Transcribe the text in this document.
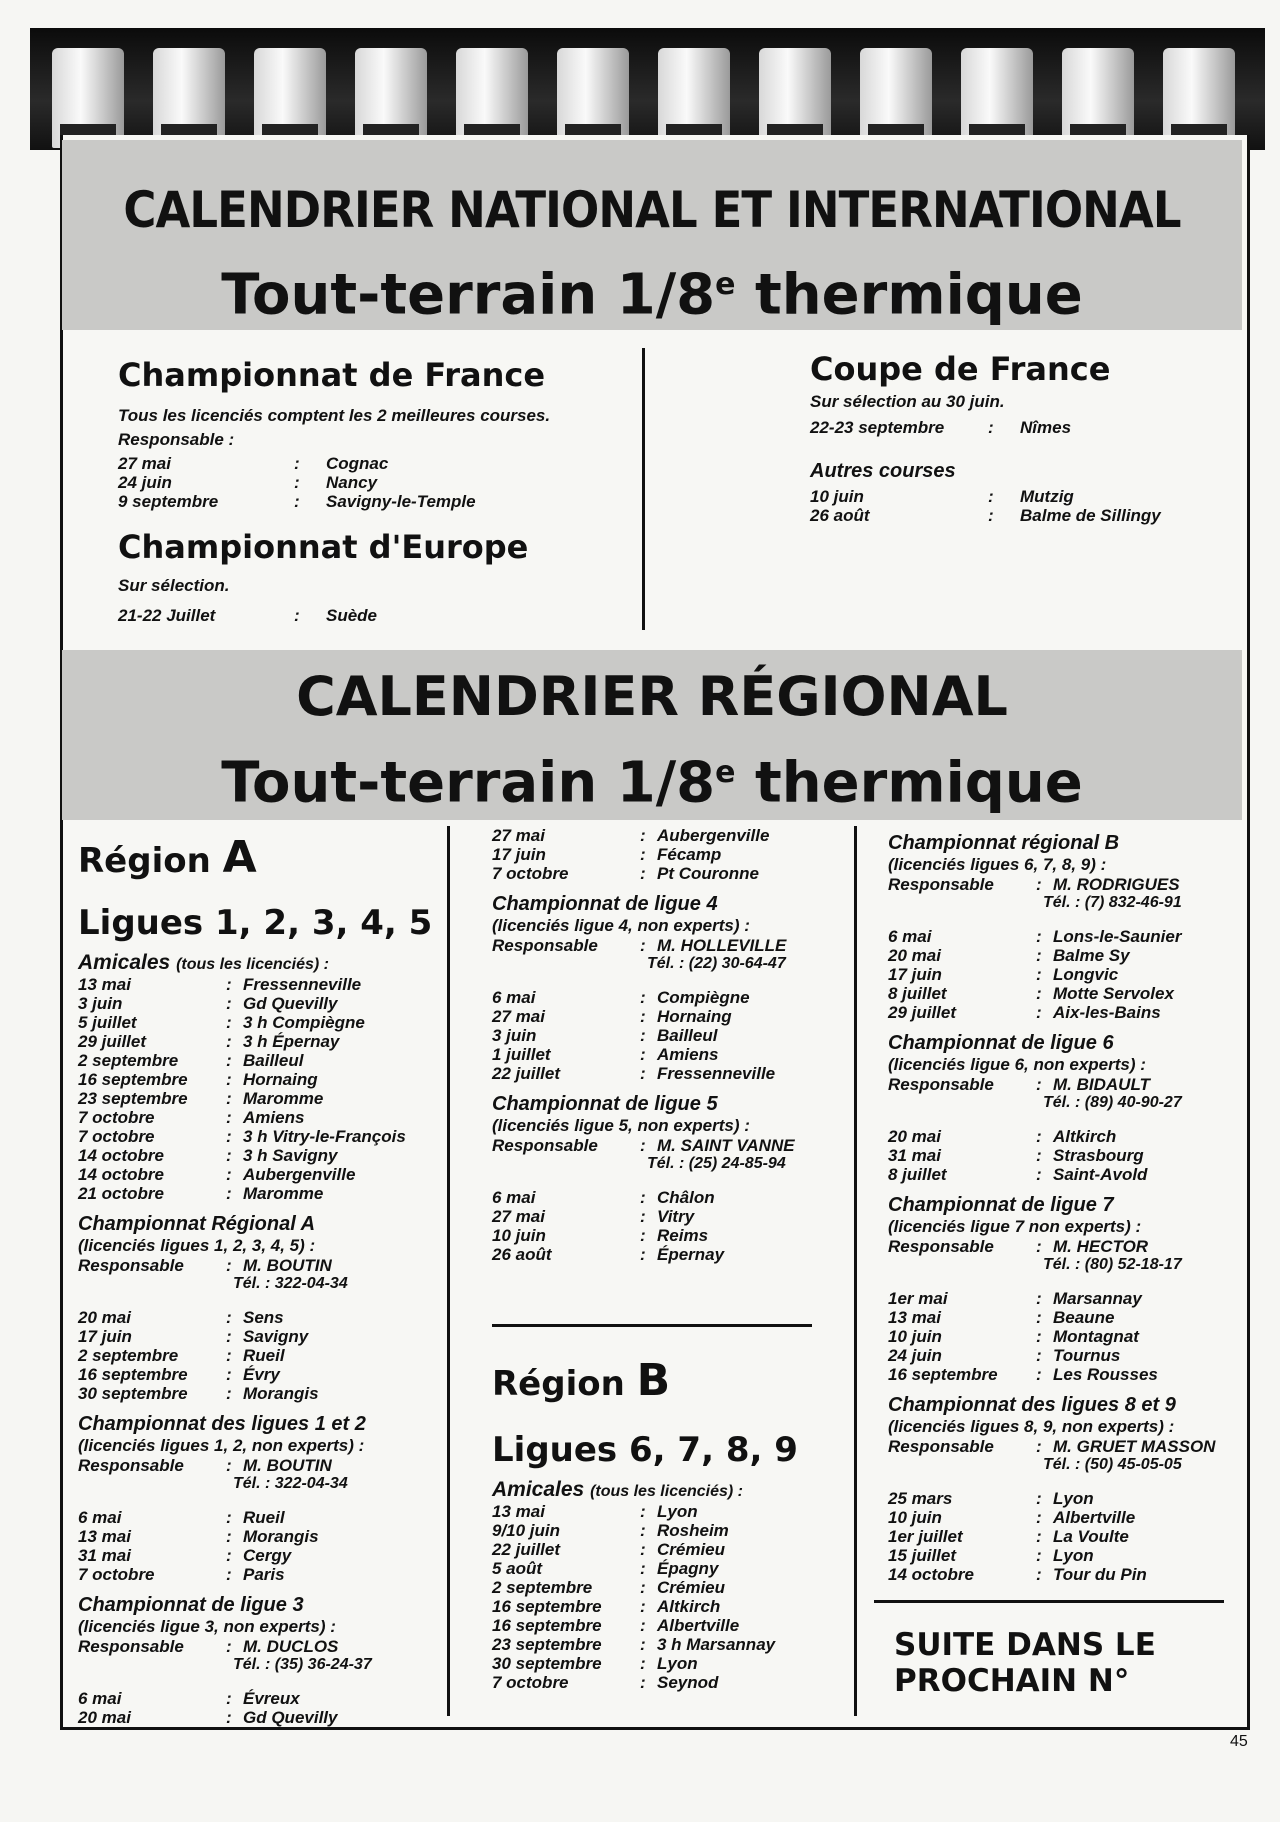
CALENDRIER NATIONAL ET INTERNATIONAL
Tout-terrain 1/8e thermique
Championnat de France
Tous les licenciés comptent les 2 meilleures courses.
Responsable :
27 mai	: Cognac
24 juin	: Nancy
9 septembre	: Savigny-le-Temple
Championnat d'Europe
Sur sélection.
21-22 Juillet	: Suède
Coupe de France
Sur sélection au 30 juin.
22-23 septembre	: Nîmes
Autres courses
10 juin	: Mutzig
26 août	: Balme de Sillingy
CALENDRIER RÉGIONAL
Tout-terrain 1/8e thermique
Région A
Ligues 1, 2, 3, 4, 5
Amicales (tous les licenciés) :
13 mai	: Fressenneville
3 juin	: Gd Quevilly
5 juillet	: 3 h Compiègne
29 juillet	: 3 h Épernay
2 septembre	: Bailleul
16 septembre : Hornaing
23 septembre : Maromme
7 octobre	: Amiens
7 octobre	: 3 h Vitry-le-François
14 octobre	: 3 h Savigny
14 octobre	: Aubergenville
21 octobre	: Maromme
Championnat Régional A
(licenciés ligues 1, 2, 3, 4, 5) :
Responsable : M. BOUTIN
Tél. : 322-04-34
20 mai	: Sens
17 juin	: Savigny
2 septembre	: Rueil
16 septembre : Évry
30 septembre : Morangis
Championnat des ligues 1 et 2
(licenciés ligues 1, 2, non experts) :
Responsable : M. BOUTIN
Tél. : 322-04-34
6 mai	: Rueil
13 mai	: Morangis
31 mai	: Cergy
7 octobre	: Paris
Championnat de ligue 3
(licenciés ligue 3, non experts) :
Responsable : M. DUCLOS
Tél. : (35) 36-24-37
6 mai	: Évreux
20 mai	: Gd Quevilly
27 mai	: Aubergenville
17 juin	: Fécamp
7 octobre	: Pt Couronne
Championnat de ligue 4
(licenciés ligue 4, non experts) :
Responsable : M. HOLLEVILLE
Tél. : (22) 30-64-47
6 mai	: Compiègne
27 mai	: Hornaing
3 juin	: Bailleul
1 juillet	: Amiens
22 juillet	: Fressenneville
Championnat de ligue 5
(licenciés ligue 5, non experts) :
Responsable : M. SAINT VANNE
Tél. : (25) 24-85-94
6 mai	: Châlon
27 mai	: Vitry
10 juin	: Reims
26 août	: Épernay
Région B
Ligues 6, 7, 8, 9
Amicales (tous les licenciés) :
13 mai	: Lyon
9/10 juin	: Rosheim
22 juillet	: Crémieu
5 août	: Épagny
2 septembre	: Crémieu
16 septembre : Altkirch
16 septembre : Albertville
23 septembre : 3 h Marsannay
30 septembre : Lyon
7 octobre	: Seynod
Championnat régional B
(licenciés ligues 6, 7, 8, 9) :
Responsable : M. RODRIGUES
Tél. : (7) 832-46-91
6 mai	: Lons-le-Saunier
20 mai	: Balme Sy
17 juin	: Longvic
8 juillet	: Motte Servolex
29 juillet	: Aix-les-Bains
Championnat de ligue 6
(licenciés ligue 6, non experts) :
Responsable : M. BIDAULT
Tél. : (89) 40-90-27
20 mai	: Altkirch
31 mai	: Strasbourg
8 juillet	: Saint-Avold
Championnat de ligue 7
(licenciés ligue 7 non experts) :
Responsable : M. HECTOR
Tél. : (80) 52-18-17
1er mai	: Marsannay
13 mai	: Beaune
10 juin	: Montagnat
24 juin	: Tournus
16 septembre : Les Rousses
Championnat des ligues 8 et 9
(licenciés ligues 8, 9, non experts) :
Responsable : M. GRUET MASSON
Tél. : (50) 45-05-05
25 mars	: Lyon
10 juin	: Albertville
1er juillet	: La Voulte
15 juillet	: Lyon
14 octobre	: Tour du Pin
SUITE DANS LE
PROCHAIN N°
45
